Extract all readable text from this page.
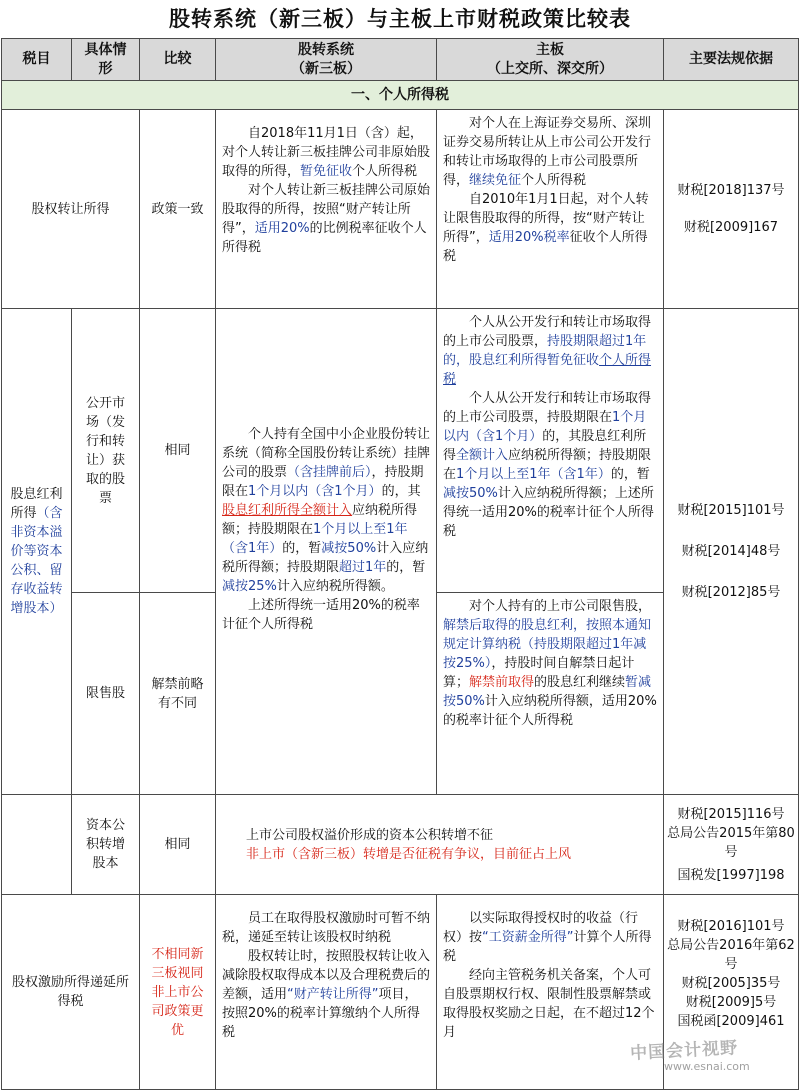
股转系统（新三板）与主板上市财税政策比较表
税目
具体情形
比较
股转系统
（新三板）
主板
（上交所、深交所）
主要法规依据
一、个人所得税
股权转让所得	政策一致

自2018年11月1日（含）起，对个人转让新三板挂牌公司非原始股取得的所得，暂免征收个人所得税

对个人转让新三板挂牌公司原始股取得的所得，按照“财产转让所得”，适用20%的比例税率征收个人所得税

对个人在上海证券交易所、深圳证券交易所转让从上市公司公开发行和转让市场取得的上市公司股票所得，继续免征个人所得税

自2010年1月1日起，对个人转让限售股取得的所得，按“财产转让所得”，适用20%税率征收个人所得税

财税[2018]137号
财税[2009]167
股息红利所得（含非资本溢价等资本公积、留存收益转增股本）
公开市场（发行和转让）获取的股票
相同

个人持有全国中小企业股份转让系统（简称全国股份转让系统）挂牌公司的股票（含挂牌前后），持股期限在1个月以内（含1个月）的，其股息红利所得全额计入应纳税所得额；持股期限在1个月以上至1年（含1年）的，暂减按50%计入应纳税所得额；持股期限超过1年的，暂减按25%计入应纳税所得额。

上述所得统一适用20%的税率计征个人所得税

个人从公开发行和转让市场取得的上市公司股票，持股期限超过1年的，股息红利所得暂免征收个人所得税

个人从公开发行和转让市场取得的上市公司股票，持股期限在1个月以内（含1个月）的，其股息红利所得全额计入应纳税所得额；持股期限在1个月以上至1年（含1年）的，暂减按50%计入应纳税所得额；上述所得统一适用20%的税率计征个人所得税

限售股
解禁前略有不同

对个人持有的上市公司限售股，解禁后取得的股息红利，按照本通知规定计算纳税（持股期限超过1年减按25%），持股时间自解禁日起计算；解禁前取得的股息红利继续暂减按50%计入应纳税所得额，适用20%的税率计征个人所得税

财税[2015]101号
财税[2014]48号
财税[2012]85号
资本公积转增股本
相同
上市公司股权溢价形成的资本公积转增不征
非上市（含新三板）转增是否征税有争议，目前征占上风
财税[2015]116号
总局公告2015年第80号
国税发[1997]198
股权激励所得递延所得税
不相同新三板视同非上市公司政策更优

员工在取得股权激励时可暂不纳税，递延至转让该股权时纳税

股权转让时，按照股权转让收入减除股权取得成本以及合理税费后的差额，适用“财产转让所得”项目，按照20%的税率计算缴纳个人所得税

以实际取得授权时的收益（行权）按“工资薪金所得”计算个人所得税

经向主管税务机关备案，个人可自股票期权行权、限制性股票解禁或取得股权奖励之日起，在不超过12个月

财税[2016]101号
总局公告2016年第62号
财税[2005]35号
财税[2009]5号
国税函[2009]461
中国会计视野
www.esnai.com
